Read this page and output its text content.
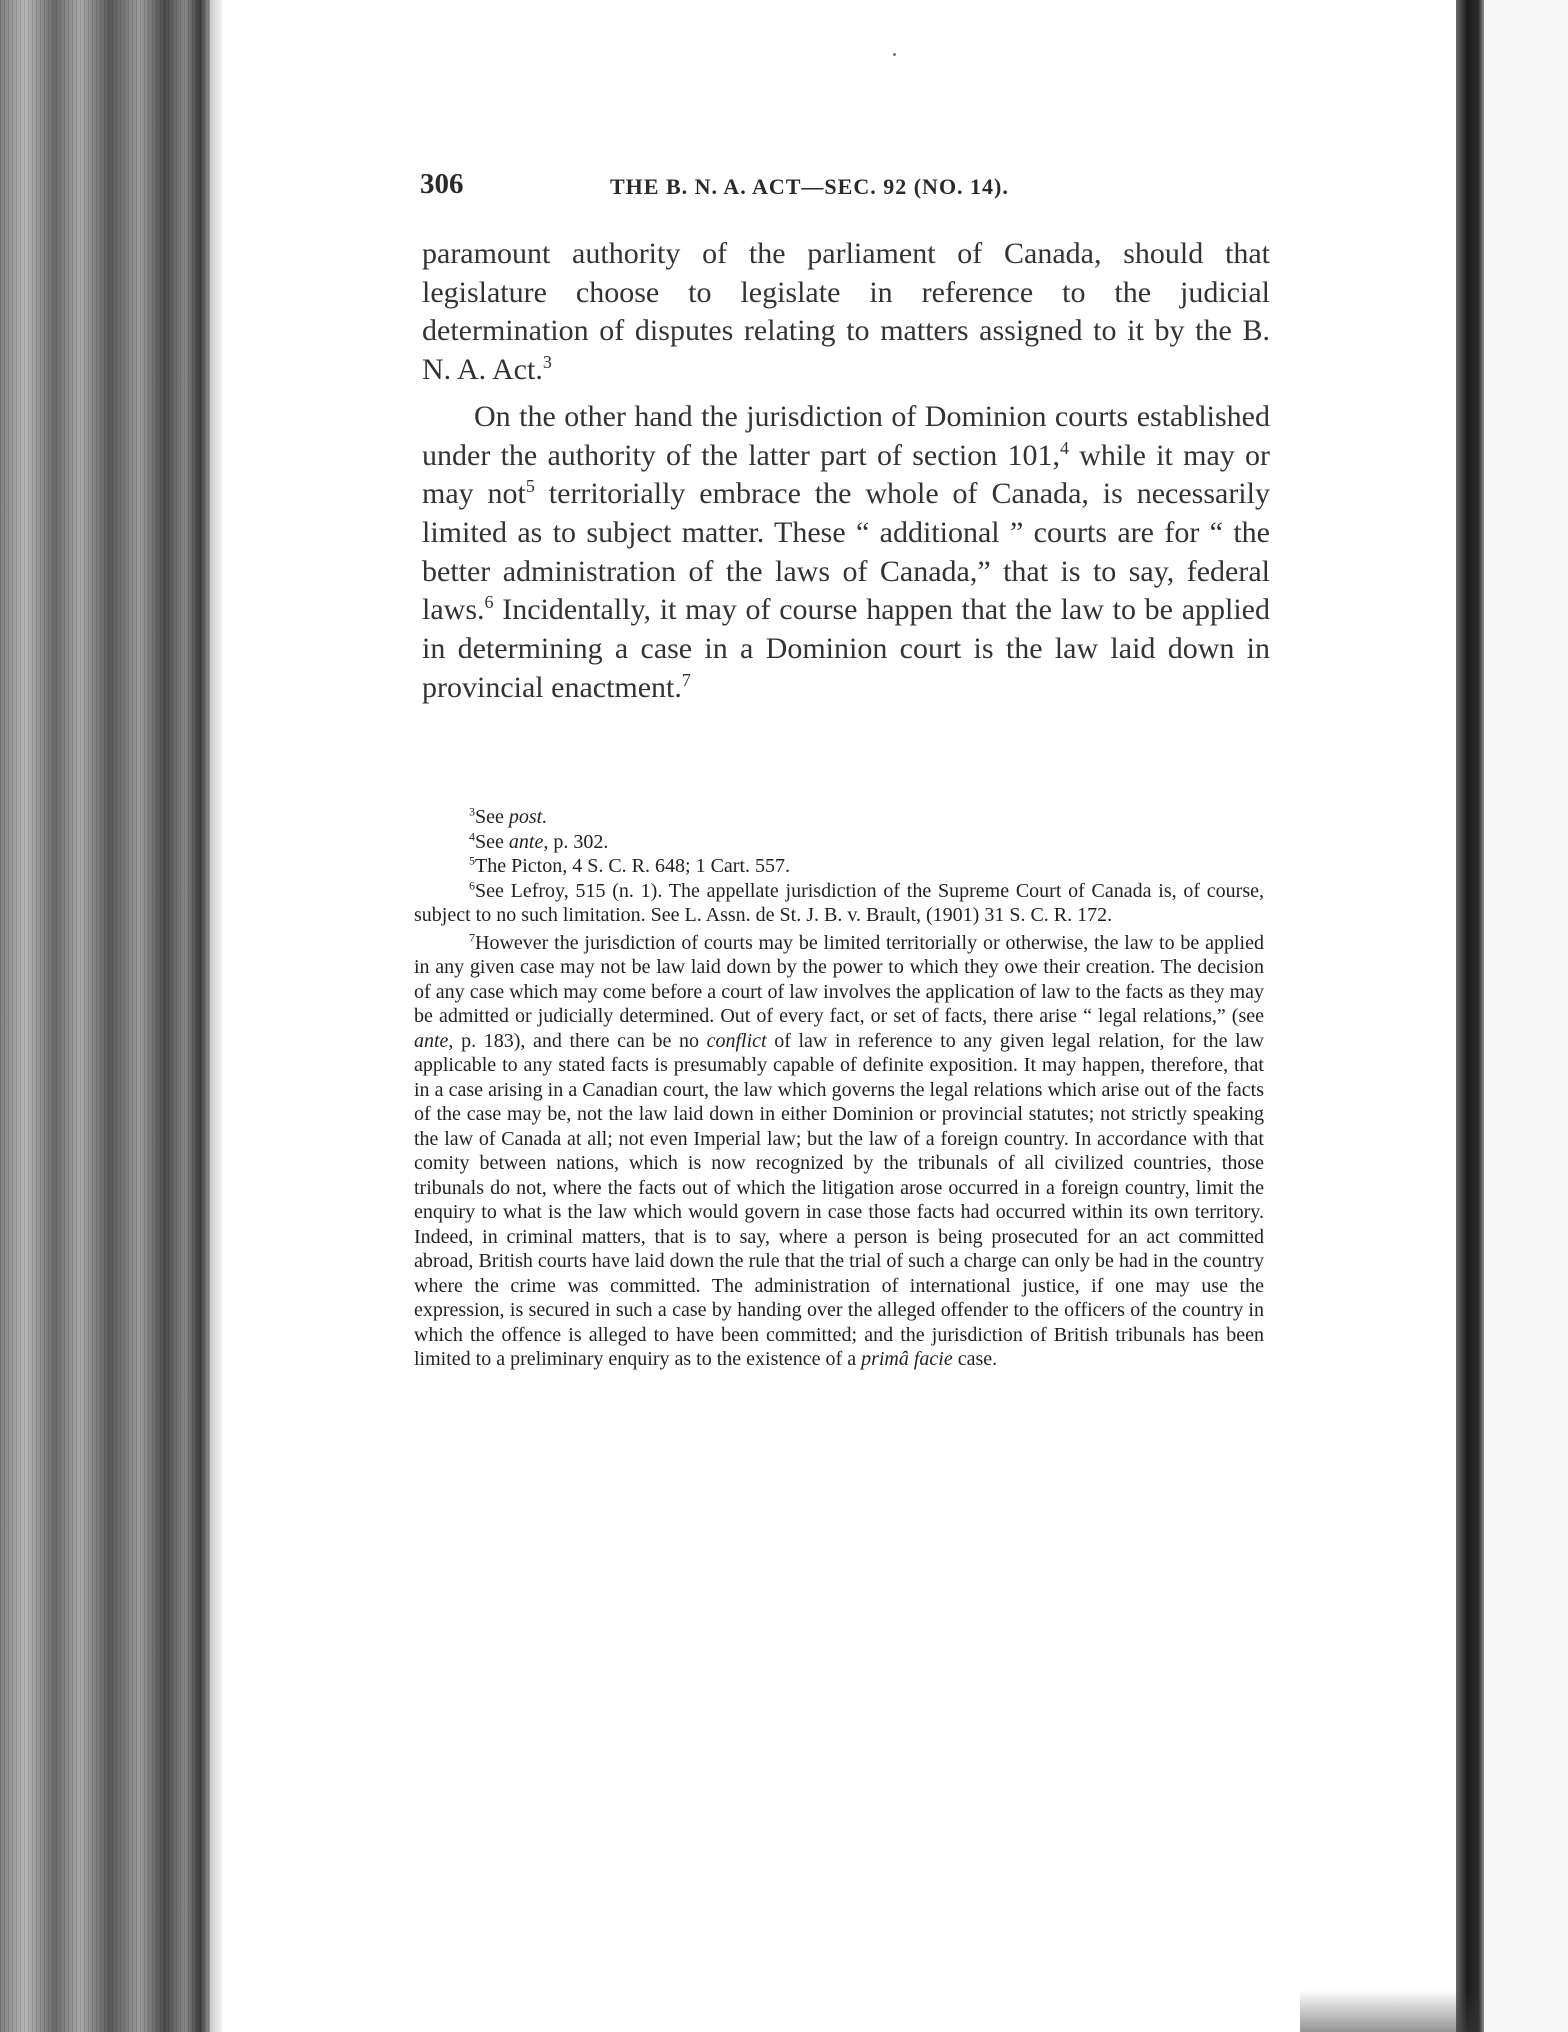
306	THE B. N. A. ACT—SEC. 92 (NO. 14).

paramount authority of the parliament of Canada, should that legislature choose to legislate in reference to the judicial determination of disputes relating to matters assigned to it by the B. N. A. Act.$^3$

On the other hand the jurisdiction of Dominion courts established under the authority of the latter part of section 101,$^4$ while it may or may not$^5$ territorially embrace the whole of Canada, is necessarily limited as to subject matter. These “ additional ” courts are for “ the better administration of the laws of Canada,” that is to say, federal laws.$^6$ Incidentally, it may of course happen that the law to be applied in determining a case in a Dominion court is the law laid down in provincial enactment.$^7$

$^3$See post.

$^4$See ante, p. 302.

$^5$The Picton, 4 S. C. R. 648; 1 Cart. 557.

$^6$See Lefroy, 515 (n. 1). The appellate jurisdiction of the Supreme Court of Canada is, of course, subject to no such limitation. See L. Assn. de St. J. B. v. Brault, (1901) 31 S. C. R. 172.

$^7$However the jurisdiction of courts may be limited territorially or otherwise, the law to be applied in any given case may not be law laid down by the power to which they owe their creation. The decision of any case which may come before a court of law involves the application of law to the facts as they may be admitted or judicially determined. Out of every fact, or set of facts, there arise “ legal relations,” (see ante, p. 183), and there can be no conflict of law in reference to any given legal relation, for the law applicable to any stated facts is presumably capable of definite exposition. It may happen, therefore, that in a case arising in a Canadian court, the law which governs the legal relations which arise out of the facts of the case may be, not the law laid down in either Dominion or provincial statutes; not strictly speaking the law of Canada at all; not even Imperial law; but the law of a foreign country. In accordance with that comity between nations, which is now recognized by the tribunals of all civilized countries, those tribunals do not, where the facts out of which the litigation arose occurred in a foreign country, limit the enquiry to what is the law which would govern in case those facts had occurred within its own territory. Indeed, in criminal matters, that is to say, where a person is being prosecuted for an act committed abroad, British courts have laid down the rule that the trial of such a charge can only be had in the country where the crime was committed. The administration of international justice, if one may use the expression, is secured in such a case by handing over the alleged offender to the officers of the country in which the offence is alleged to have been committed; and the jurisdiction of British tribunals has been limited to a preliminary enquiry as to the existence of a primâ facie case.
